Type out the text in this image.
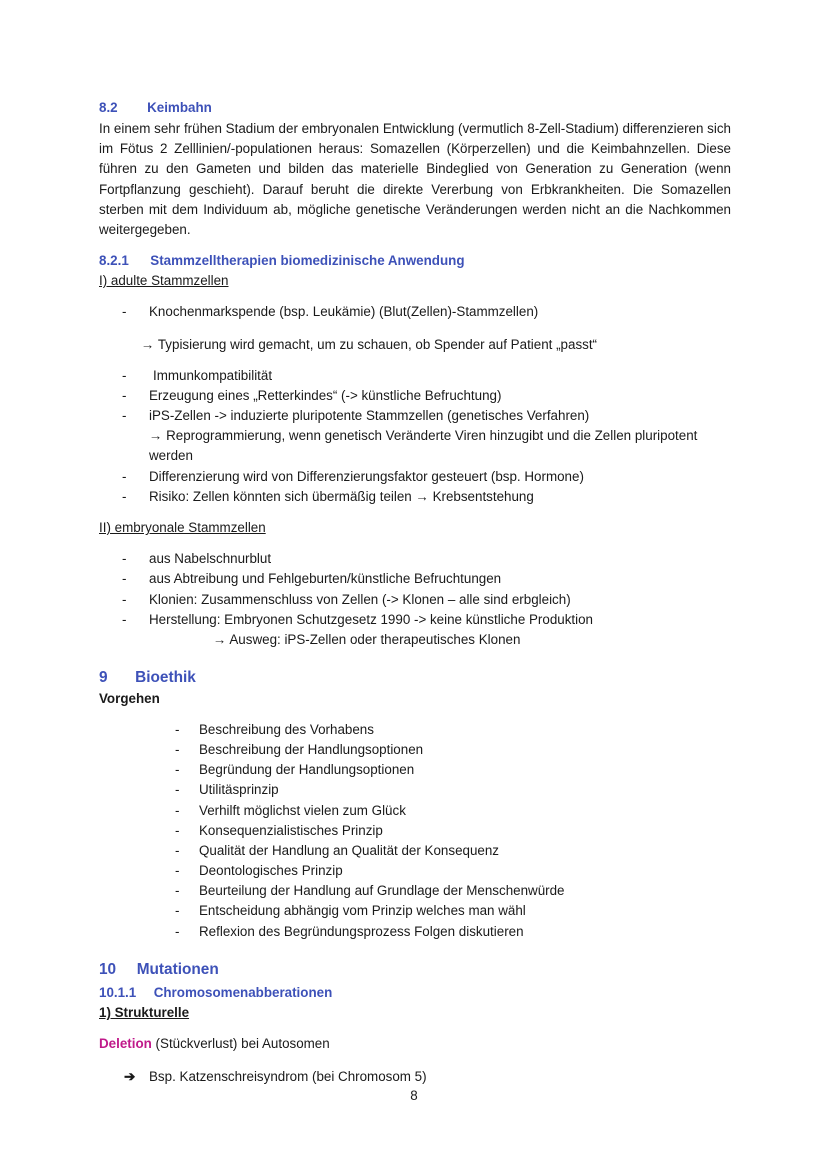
8.2 Keimbahn
In einem sehr frühen Stadium der embryonalen Entwicklung (vermutlich 8-Zell-Stadium) differenzieren sich im Fötus 2 Zelllinien/-populationen heraus: Somazellen (Körperzellen) und die Keimbahnzellen. Diese führen zu den Gameten und bilden das materielle Bindeglied von Generation zu Generation (wenn Fortpflanzung geschieht). Darauf beruht die direkte Vererbung von Erbkrankheiten. Die Somazellen sterben mit dem Individuum ab, mögliche genetische Veränderungen werden nicht an die Nachkommen weitergegeben.
8.2.1 Stammzelltherapien biomedizinische Anwendung
I) adulte Stammzellen
- Knochenmarkspende (bsp. Leukämie) (Blut(Zellen)-Stammzellen)
→ Typisierung wird gemacht, um zu schauen, ob Spender auf Patient „passt“
- Immunkompatibilität
- Erzeugung eines „Retterkindes“ (-> künstliche Befruchtung)
- iPS-Zellen -> induzierte pluripotente Stammzellen (genetisches Verfahren)
→ Reprogrammierung, wenn genetisch Veränderte Viren hinzugibt und die Zellen pluripotent
werden
- Differenzierung wird von Differenzierungsfaktor gesteuert (bsp. Hormone)
- Risiko: Zellen könnten sich übermäßig teilen → Krebsentstehung
II) embryonale Stammzellen
- aus Nabelschnurblut
- aus Abtreibung und Fehlgeburten/künstliche Befruchtungen
- Klonien: Zusammenschluss von Zellen (-> Klonen – alle sind erbgleich)
- Herstellung: Embryonen Schutzgesetz 1990 -> keine künstliche Produktion
→ Ausweg: iPS-Zellen oder therapeutisches Klonen
9 Bioethik
Vorgehen
- Beschreibung des Vorhabens
- Beschreibung der Handlungsoptionen
- Begründung der Handlungsoptionen
- Utilitäsprinzip
- Verhilft möglichst vielen zum Glück
- Konsequenzialistisches Prinzip
- Qualität der Handlung an Qualität der Konsequenz
- Deontologisches Prinzip
- Beurteilung der Handlung auf Grundlage der Menschenwürde
- Entscheidung abhängig vom Prinzip welches man wähl
- Reflexion des Begründungsprozess Folgen diskutieren
10 Mutationen
10.1.1 Chromosomenabberationen
1) Strukturelle
Deletion (Stückverlust) bei Autosomen
➔ Bsp. Katzenschreisyndrom (bei Chromosom 5)
8
